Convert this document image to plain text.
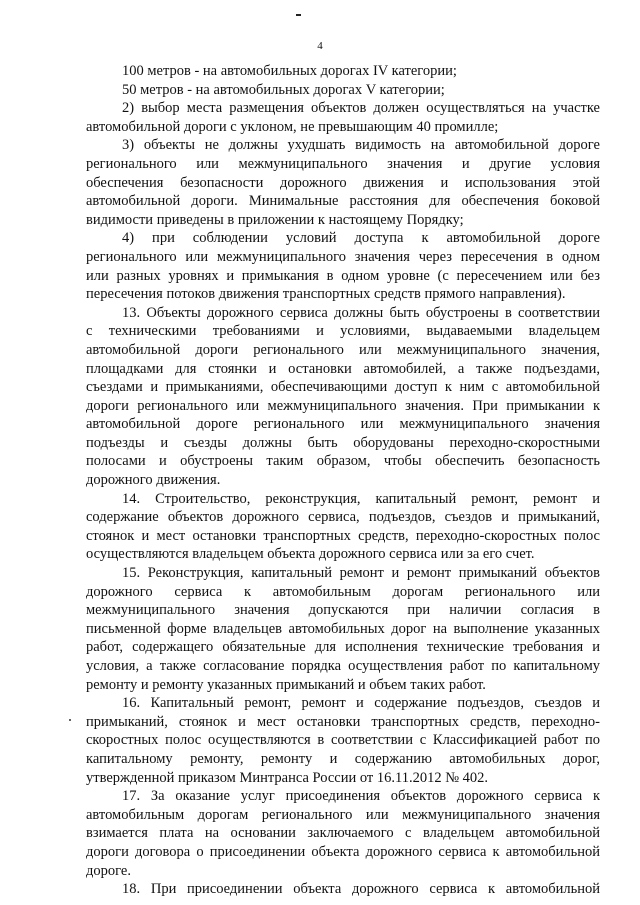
4
100 метров - на автомобильных дорогах IV категории;
50 метров - на автомобильных дорогах V категории;
2) выбор места размещения объектов должен осуществляться на участке
автомобильной дороги с уклоном, не превышающим 40 промилле;
3) объекты не должны ухудшать видимость на автомобильной дороге
регионального или межмуниципального значения и другие условия
обеспечения безопасности дорожного движения и использования этой
автомобильной дороги. Минимальные расстояния для обеспечения боковой
видимости приведены в приложении к настоящему Порядку;
4) при соблюдении условий доступа к автомобильной дороге
регионального или межмуниципального значения через пересечения в одном
или разных уровнях и примыкания в одном уровне (с пересечением или без
пересечения потоков движения транспортных средств прямого направления).
13. Объекты дорожного сервиса должны быть обустроены в соответствии
с техническими требованиями и условиями, выдаваемыми владельцем
автомобильной дороги регионального или межмуниципального значения,
площадками для стоянки и остановки автомобилей, а также подъездами,
съездами и примыканиями, обеспечивающими доступ к ним с автомобильной
дороги регионального или межмуниципального значения. При примыкании к
автомобильной дороге регионального или межмуниципального значения
подъезды и съезды должны быть оборудованы переходно-скоростными
полосами и обустроены таким образом, чтобы обеспечить безопасность
дорожного движения.
14. Строительство, реконструкция, капитальный ремонт, ремонт и
содержание объектов дорожного сервиса, подъездов, съездов и примыканий,
стоянок и мест остановки транспортных средств, переходно-скоростных полос
осуществляются владельцем объекта дорожного сервиса или за его счет.
15. Реконструкция, капитальный ремонт и ремонт примыканий объектов
дорожного сервиса к автомобильным дорогам регионального или
межмуниципального значения допускаются при наличии согласия в
письменной форме владельцев автомобильных дорог на выполнение указанных
работ, содержащего обязательные для исполнения технические требования и
условия, а также согласование порядка осуществления работ по капитальному
ремонту и ремонту указанных примыканий и объем таких работ.
16. Капитальный ремонт, ремонт и содержание подъездов, съездов и
примыканий, стоянок и мест остановки транспортных средств, переходно-
скоростных полос осуществляются в соответствии с Классификацией работ по
капитальному ремонту, ремонту и содержанию автомобильных дорог,
утвержденной приказом Минтранса России от 16.11.2012 № 402.
17. За оказание услуг присоединения объектов дорожного сервиса к
автомобильным дорогам регионального или межмуниципального значения
взимается плата на основании заключаемого с владельцем автомобильной
дороги договора о присоединении объекта дорожного сервиса к автомобильной
дороге.
18. При присоединении объекта дорожного сервиса к автомобильной
